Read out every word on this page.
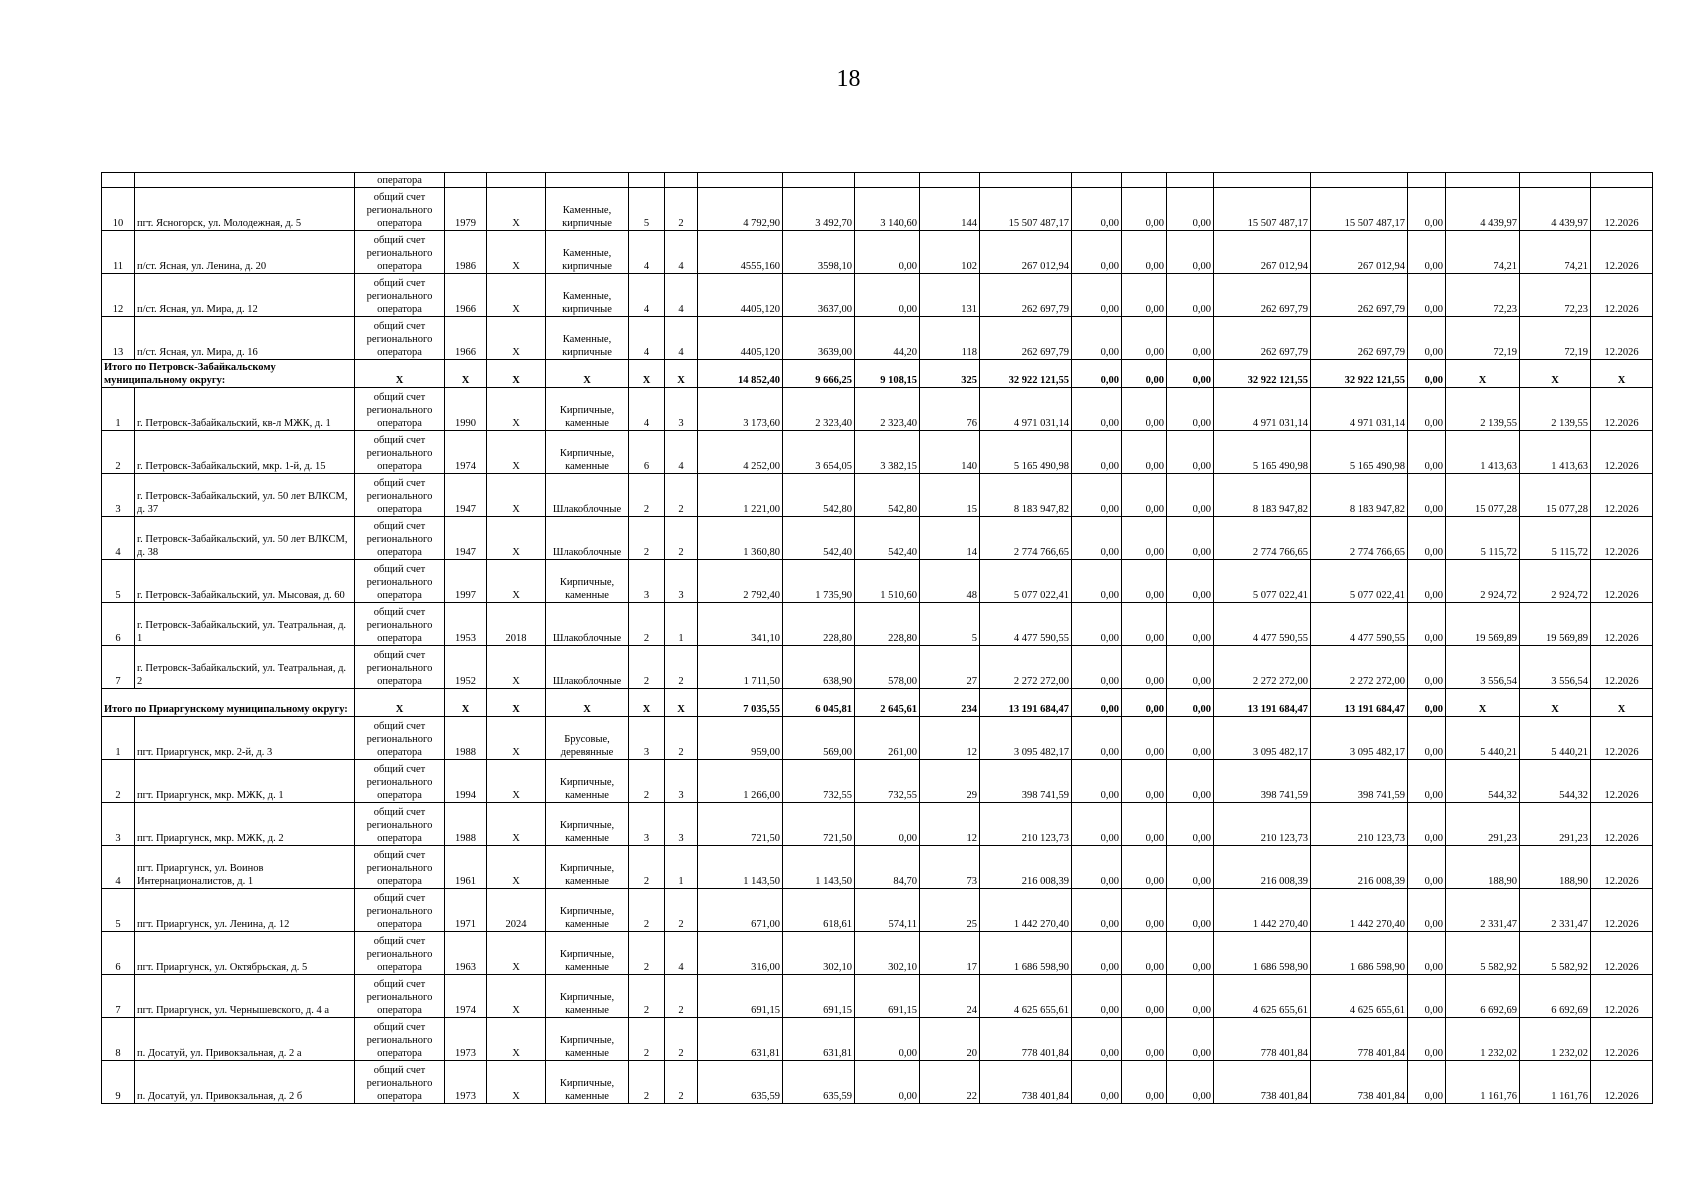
18
		оператора																			
10	пгт. Ясногорск, ул. Молодежная, д. 5	общий счет регионального оператора	1979	X	Каменные, кирпичные	5	2	4 792,90	3 492,70	3 140,60	144	15 507 487,17	0,00	0,00	0,00	15 507 487,17	15 507 487,17	0,00	4 439,97	4 439,97	12.2026
11	п/ст. Ясная, ул. Ленина, д. 20	общий счет регионального оператора	1986	X	Каменные, кирпичные	4	4	4555,160	3598,10	0,00	102	267 012,94	0,00	0,00	0,00	267 012,94	267 012,94	0,00	74,21	74,21	12.2026
12	п/ст. Ясная, ул. Мира, д. 12	общий счет регионального оператора	1966	X	Каменные, кирпичные	4	4	4405,120	3637,00	0,00	131	262 697,79	0,00	0,00	0,00	262 697,79	262 697,79	0,00	72,23	72,23	12.2026
13	п/ст. Ясная, ул. Мира, д. 16	общий счет регионального оператора	1966	X	Каменные, кирпичные	4	4	4405,120	3639,00	44,20	118	262 697,79	0,00	0,00	0,00	262 697,79	262 697,79	0,00	72,19	72,19	12.2026
Итого по Петровск-Забайкальскому муниципальному округу:		X	X	X	X	X	X	14 852,40	9 666,25	9 108,15	325	32 922 121,55	0,00	0,00	0,00	32 922 121,55	32 922 121,55	0,00	X	X	X
1	г. Петровск-Забайкальский, кв-л МЖК, д. 1	общий счет регионального оператора	1990	X	Кирпичные, каменные	4	3	3 173,60	2 323,40	2 323,40	76	4 971 031,14	0,00	0,00	0,00	4 971 031,14	4 971 031,14	0,00	2 139,55	2 139,55	12.2026
2	г. Петровск-Забайкальский, мкр. 1-й, д. 15	общий счет регионального оператора	1974	X	Кирпичные, каменные	6	4	4 252,00	3 654,05	3 382,15	140	5 165 490,98	0,00	0,00	0,00	5 165 490,98	5 165 490,98	0,00	1 413,63	1 413,63	12.2026
3	г. Петровск-Забайкальский, ул. 50 лет ВЛКСМ, д. 37	общий счет регионального оператора	1947	X	Шлакоблочные	2	2	1 221,00	542,80	542,80	15	8 183 947,82	0,00	0,00	0,00	8 183 947,82	8 183 947,82	0,00	15 077,28	15 077,28	12.2026
4	г. Петровск-Забайкальский, ул. 50 лет ВЛКСМ, д. 38	общий счет регионального оператора	1947	X	Шлакоблочные	2	2	1 360,80	542,40	542,40	14	2 774 766,65	0,00	0,00	0,00	2 774 766,65	2 774 766,65	0,00	5 115,72	5 115,72	12.2026
5	г. Петровск-Забайкальский, ул. Мысовая, д. 60	общий счет регионального оператора	1997	X	Кирпичные, каменные	3	3	2 792,40	1 735,90	1 510,60	48	5 077 022,41	0,00	0,00	0,00	5 077 022,41	5 077 022,41	0,00	2 924,72	2 924,72	12.2026
6	г. Петровск-Забайкальский, ул. Театральная, д. 1	общий счет регионального оператора	1953	2018	Шлакоблочные	2	1	341,10	228,80	228,80	5	4 477 590,55	0,00	0,00	0,00	4 477 590,55	4 477 590,55	0,00	19 569,89	19 569,89	12.2026
7	г. Петровск-Забайкальский, ул. Театральная, д. 2	общий счет регионального оператора	1952	X	Шлакоблочные	2	2	1 711,50	638,90	578,00	27	2 272 272,00	0,00	0,00	0,00	2 272 272,00	2 272 272,00	0,00	3 556,54	3 556,54	12.2026
Итого по Приаргунскому муниципальному округу:		X	X	X	X	X	X	7 035,55	6 045,81	2 645,61	234	13 191 684,47	0,00	0,00	0,00	13 191 684,47	13 191 684,47	0,00	X	X	X
1	пгт. Приаргунск, мкр. 2-й, д. 3	общий счет регионального оператора	1988	X	Брусовые, деревянные	3	2	959,00	569,00	261,00	12	3 095 482,17	0,00	0,00	0,00	3 095 482,17	3 095 482,17	0,00	5 440,21	5 440,21	12.2026
2	пгт. Приаргунск, мкр. МЖК, д. 1	общий счет регионального оператора	1994	X	Кирпичные, каменные	2	3	1 266,00	732,55	732,55	29	398 741,59	0,00	0,00	0,00	398 741,59	398 741,59	0,00	544,32	544,32	12.2026
3	пгт. Приаргунск, мкр. МЖК, д. 2	общий счет регионального оператора	1988	X	Кирпичные, каменные	3	3	721,50	721,50	0,00	12	210 123,73	0,00	0,00	0,00	210 123,73	210 123,73	0,00	291,23	291,23	12.2026
4	пгт. Приаргунск, ул. Воинов Интернационалистов, д. 1	общий счет регионального оператора	1961	X	Кирпичные, каменные	2	1	1 143,50	1 143,50	84,70	73	216 008,39	0,00	0,00	0,00	216 008,39	216 008,39	0,00	188,90	188,90	12.2026
5	пгт. Приаргунск, ул. Ленина, д. 12	общий счет регионального оператора	1971	2024	Кирпичные, каменные	2	2	671,00	618,61	574,11	25	1 442 270,40	0,00	0,00	0,00	1 442 270,40	1 442 270,40	0,00	2 331,47	2 331,47	12.2026
6	пгт. Приаргунск, ул. Октябрьская, д. 5	общий счет регионального оператора	1963	X	Кирпичные, каменные	2	4	316,00	302,10	302,10	17	1 686 598,90	0,00	0,00	0,00	1 686 598,90	1 686 598,90	0,00	5 582,92	5 582,92	12.2026
7	пгт. Приаргунск, ул. Чернышевского, д. 4 а	общий счет регионального оператора	1974	X	Кирпичные, каменные	2	2	691,15	691,15	691,15	24	4 625 655,61	0,00	0,00	0,00	4 625 655,61	4 625 655,61	0,00	6 692,69	6 692,69	12.2026
8	п. Досатуй, ул. Привокзальная, д. 2 а	общий счет регионального оператора	1973	X	Кирпичные, каменные	2	2	631,81	631,81	0,00	20	778 401,84	0,00	0,00	0,00	778 401,84	778 401,84	0,00	1 232,02	1 232,02	12.2026
9	п. Досатуй, ул. Привокзальная, д. 2 б	общий счет регионального оператора	1973	X	Кирпичные, каменные	2	2	635,59	635,59	0,00	22	738 401,84	0,00	0,00	0,00	738 401,84	738 401,84	0,00	1 161,76	1 161,76	12.2026
